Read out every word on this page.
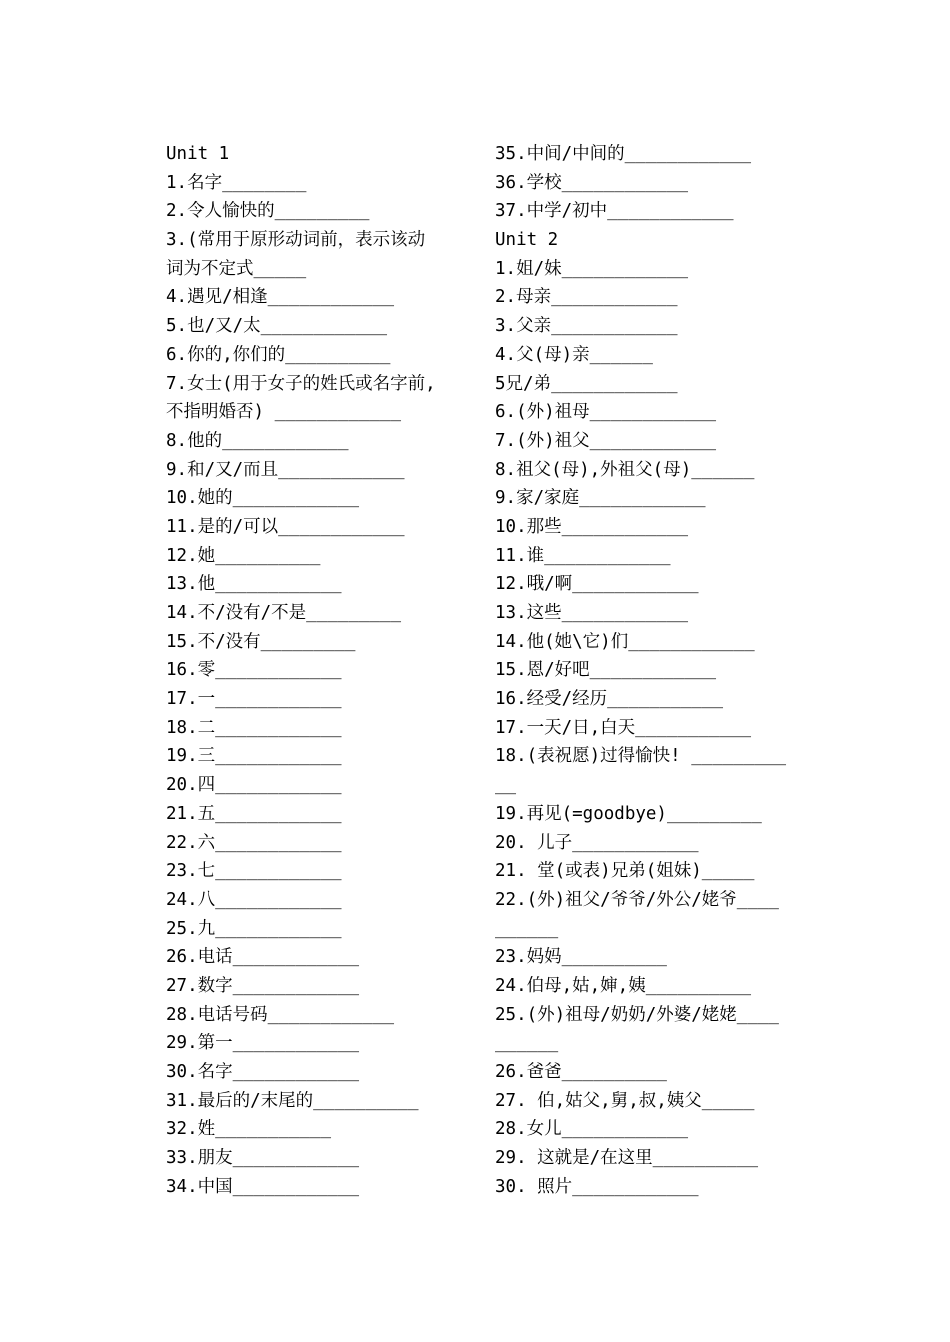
Unit 1
1.名字________
2.令人愉快的_________
3.(常用于原形动词前，表示该动
词为不定式_____
4.遇见/相逢____________
5.也/又/太____________
6.你的,你们的__________
7.女士(用于女子的姓氏或名字前,
不指明婚否) ____________
8.他的____________
9.和/又/而且____________
10.她的____________
11.是的/可以____________
12.她__________
13.他____________
14.不/没有/不是_________
15.不/没有_________
16.零____________
17.一____________
18.二____________
19.三____________
20.四____________
21.五____________
22.六____________
23.七____________
24.八____________
25.九____________
26.电话____________
27.数字____________
28.电话号码____________
29.第一____________
30.名字____________
31.最后的/末尾的__________
32.姓___________
33.朋友____________
34.中国____________
35.中间/中间的____________
36.学校____________
37.中学/初中____________
Unit 2
1.姐/妹____________
2.母亲____________
3.父亲____________
4.父(母)亲______
5兄/弟____________
6.(外)祖母____________
7.(外)祖父____________
8.祖父(母),外祖父(母)______
9.家/家庭____________
10.那些____________
11.谁____________
12.哦/啊____________
13.这些____________
14.他(她\它)们____________
15.恩/好吧____________
16.经受/经历___________
17.一天/日,白天___________
18.(表祝愿)过得愉快! _________
__
19.再见(=goodbye)_________
20. 儿子____________
21. 堂(或表)兄弟(姐妹)_____
22.(外)祖父/爷爷/外公/姥爷____
______
23.妈妈__________
24.伯母,姑,婶,姨__________
25.(外)祖母/奶奶/外婆/姥姥____
______
26.爸爸__________
27. 伯,姑父,舅,叔,姨父_____
28.女儿____________
29. 这就是/在这里__________
30. 照片____________
